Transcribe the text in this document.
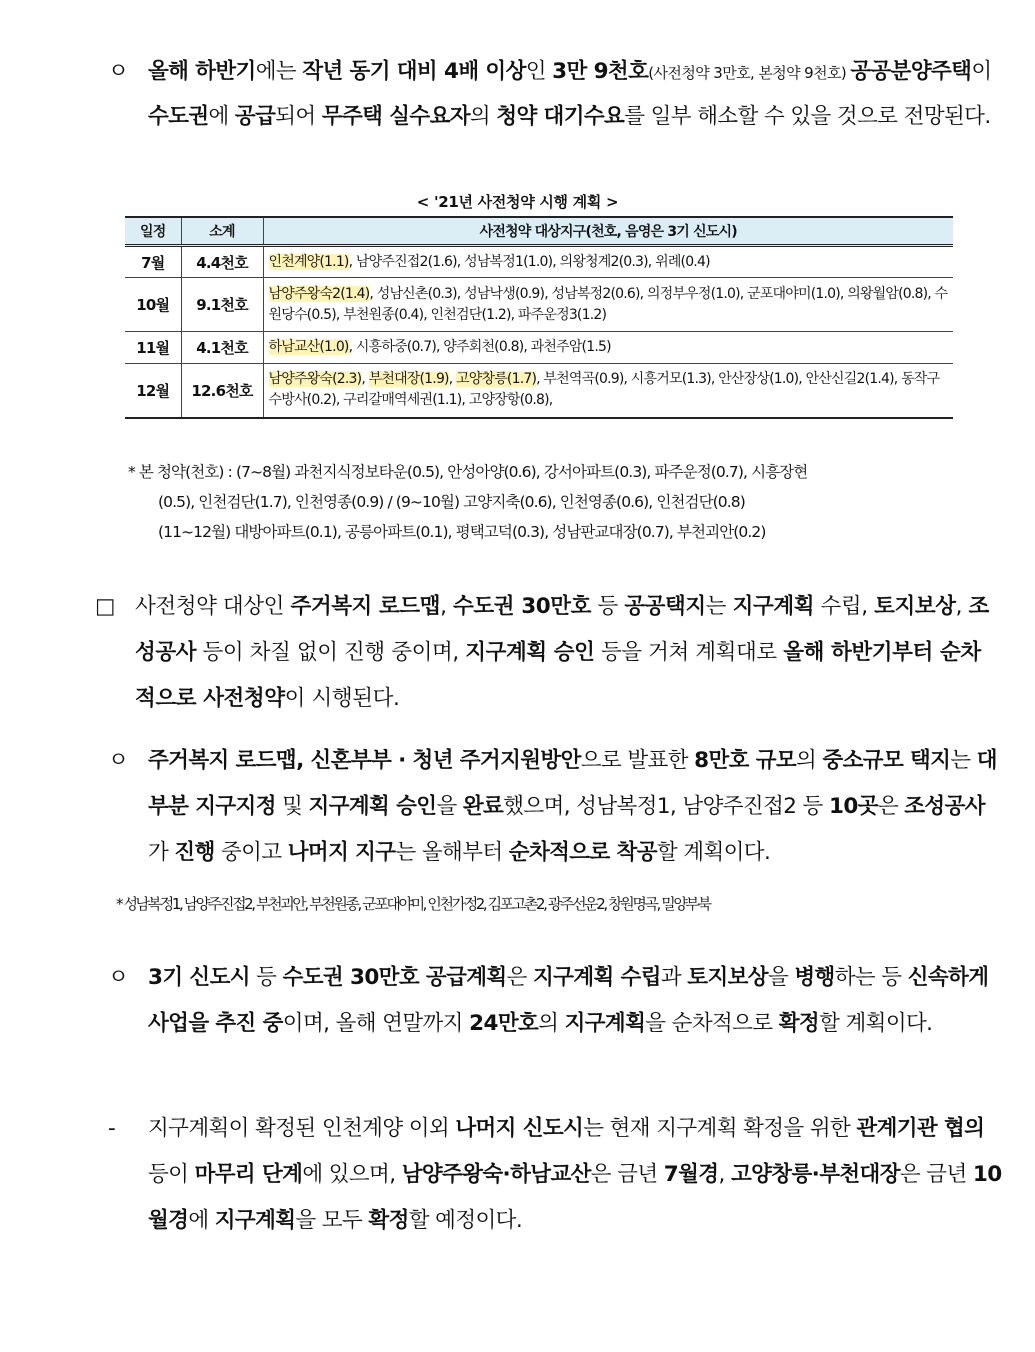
ㅇ 올해 하반기에는 작년 동기 대비 4배 이상인 3만 9천호(사전청약 3만호, 본청약 9천호) 공공분양주택이 수도권에 공급되어 무주택 실수요자의 청약 대기수요를 일부 해소할 수 있을 것으로 전망된다.
< '21년 사전청약 시행 계획 >
일정	소계	사전청약 대상지구(천호, 음영은 3기 신도시)
7월	4.4천호	인천계양(1.1), 남양주진접2(1.6), 성남복정1(1.0), 의왕청계2(0.3), 위례(0.4)
10월	9.1천호	남양주왕숙2(1.4), 성남신촌(0.3), 성남낙생(0.9), 성남복정2(0.6), 의정부우정(1.0), 군포대야미(1.0), 의왕월암(0.8), 수원당수(0.5), 부천원종(0.4), 인천검단(1.2), 파주운정3(1.2)
11월	4.1천호	하남교산(1.0), 시흥하중(0.7), 양주회천(0.8), 과천주암(1.5)
12월	12.6천호	남양주왕숙(2.3), 부천대장(1.9), 고양창릉(1.7), 부천역곡(0.9), 시흥거모(1.3), 안산장상(1.0), 안산신길2(1.4), 동작구수방사(0.2), 구리갈매역세권(1.1), 고양장항(0.8),
* 본 청약(천호) : (7~8월) 과천지식정보타운(0.5), 안성아양(0.6), 강서아파트(0.3), 파주운정(0.7), 시흥장현
(0.5), 인천검단(1.7), 인천영종(0.9) / (9~10월) 고양지축(0.6), 인천영종(0.6), 인천검단(0.8)
(11~12월) 대방아파트(0.1), 공릉아파트(0.1), 평택고덕(0.3), 성남판교대장(0.7), 부천괴안(0.2)
□ 사전청약 대상인 주거복지 로드맵, 수도권 30만호 등 공공택지는 지구계획 수립, 토지보상, 조성공사 등이 차질 없이 진행 중이며, 지구계획 승인 등을 거쳐 계획대로 올해 하반기부터 순차적으로 사전청약이 시행된다.
ㅇ 주거복지 로드맵, 신혼부부 · 청년 주거지원방안으로 발표한 8만호 규모의 중소규모 택지는 대부분 지구지정 및 지구계획 승인을 완료했으며, 성남복정1, 남양주진접2 등 10곳은 조성공사가 진행 중이고 나머지 지구는 올해부터 순차적으로 착공할 계획이다.
* 성남복정1, 남양주진접2, 부천괴안, 부천원종, 군포대야미, 인천가정2, 김포고촌2, 광주선운2, 창원명곡, 밀양부북
ㅇ 3기 신도시 등 수도권 30만호 공급계획은 지구계획 수립과 토지보상을 병행하는 등 신속하게 사업을 추진 중이며, 올해 연말까지 24만호의 지구계획을 순차적으로 확정할 계획이다.
- 지구계획이 확정된 인천계양 이외 나머지 신도시는 현재 지구계획 확정을 위한 관계기관 협의 등이 마무리 단계에 있으며, 남양주왕숙·하남교산은 금년 7월경, 고양창릉·부천대장은 금년 10월경에 지구계획을 모두 확정할 예정이다.
